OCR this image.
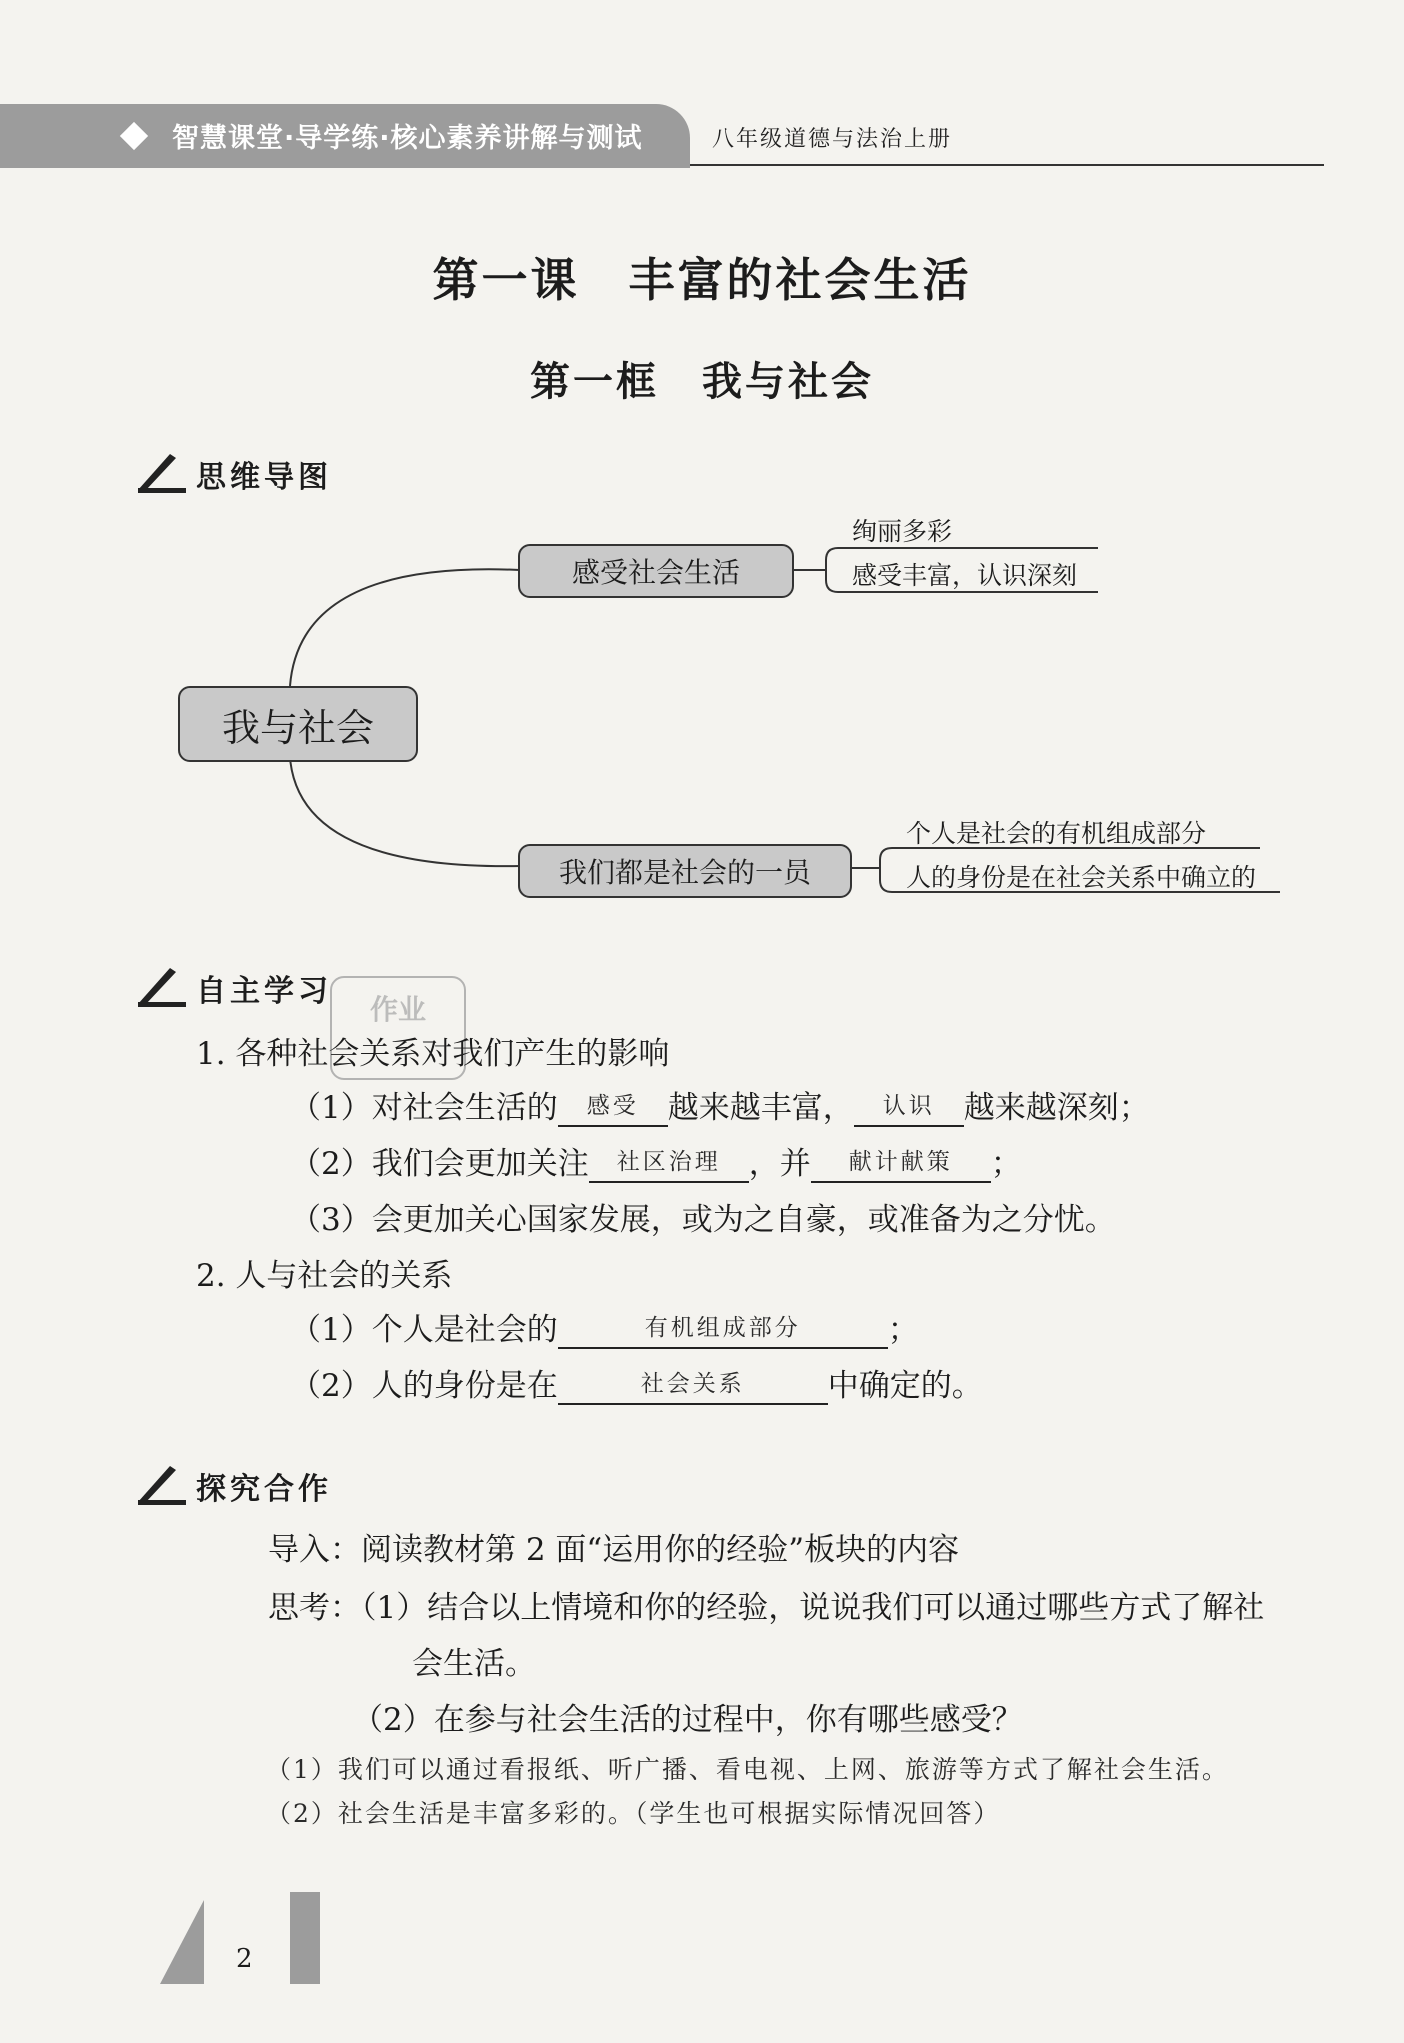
智慧课堂·导学练·核心素养讲解与测试	八年级道德与法治上册
第一课　丰富的社会生活
第一框　我与社会
思维导图
我与社会
感受社会生活
绚丽多彩
感受丰富，认识深刻
我们都是社会的一员
个人是社会的有机组成部分
人的身份是在社会关系中确立的
自主学习
作业
1. 各种社会关系对我们产生的影响
（1）对社会生活的 感受 越来越丰富， 认识 越来越深刻；
（2）我们会更加关注 社区治理 ，并 献计献策 ；
（3）会更加关心国家发展，或为之自豪，或准备为之分忧。
2. 人与社会的关系
（1）个人是社会的	有机组成部分	；
（2）人的身份是在	社会关系	中确定的。
探究合作
导入：阅读教材第 2 面“运用你的经验”板块的内容
思考：（1）结合以上情境和你的经验，说说我们可以通过哪些方式了解社
会生活。
（2）在参与社会生活的过程中，你有哪些感受？
（1）我们可以通过看报纸、听广播、看电视、上网、旅游等方式了解社会生活。
（2）社会生活是丰富多彩的。（学生也可根据实际情况回答）
2
